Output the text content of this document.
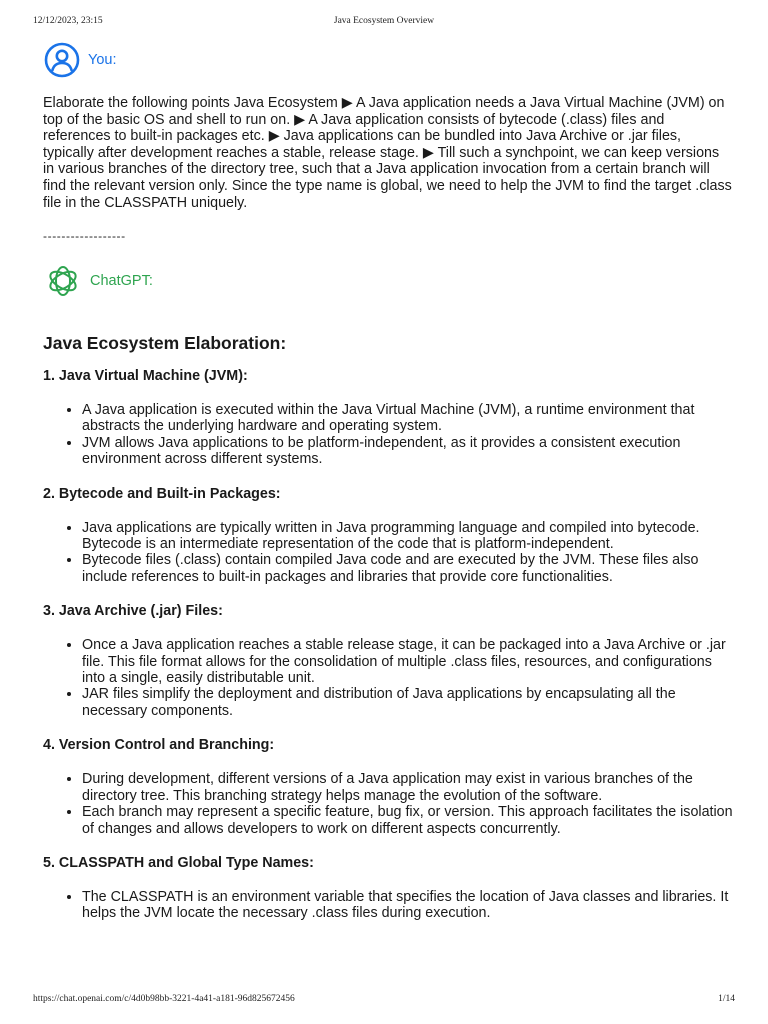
12/12/2023, 23:15	Java Ecosystem Overview
You:
Elaborate the following points Java Ecosystem ▶ A Java application needs a Java Virtual Machine (JVM) on top of the basic OS and shell to run on. ▶ A Java application consists of bytecode (.class) files and references to built-in packages etc. ▶ Java applications can be bundled into Java Archive or .jar files, typically after development reaches a stable, release stage. ▶ Till such a synchpoint, we can keep versions in various branches of the directory tree, such that a Java application invocation from a certain branch will find the relevant version only. Since the type name is global, we need to help the JVM to find the target .class file in the CLASSPATH uniquely.
------------------
ChatGPT:
Java Ecosystem Elaboration:
1. Java Virtual Machine (JVM):
• A Java application is executed within the Java Virtual Machine (JVM), a runtime environment that abstracts the underlying hardware and operating system.
• JVM allows Java applications to be platform-independent, as it provides a consistent execution environment across different systems.
2. Bytecode and Built-in Packages:
• Java applications are typically written in Java programming language and compiled into bytecode. Bytecode is an intermediate representation of the code that is platform-independent.
• Bytecode files (.class) contain compiled Java code and are executed by the JVM. These files also include references to built-in packages and libraries that provide core functionalities.
3. Java Archive (.jar) Files:
• Once a Java application reaches a stable release stage, it can be packaged into a Java Archive or .jar file. This file format allows for the consolidation of multiple .class files, resources, and configurations into a single, easily distributable unit.
• JAR files simplify the deployment and distribution of Java applications by encapsulating all the necessary components.
4. Version Control and Branching:
• During development, different versions of a Java application may exist in various branches of the directory tree. This branching strategy helps manage the evolution of the software.
• Each branch may represent a specific feature, bug fix, or version. This approach facilitates the isolation of changes and allows developers to work on different aspects concurrently.
5. CLASSPATH and Global Type Names:
• The CLASSPATH is an environment variable that specifies the location of Java classes and libraries. It helps the JVM locate the necessary .class files during execution.
https://chat.openai.com/c/4d0b98bb-3221-4a41-a181-96d825672456	1/14
